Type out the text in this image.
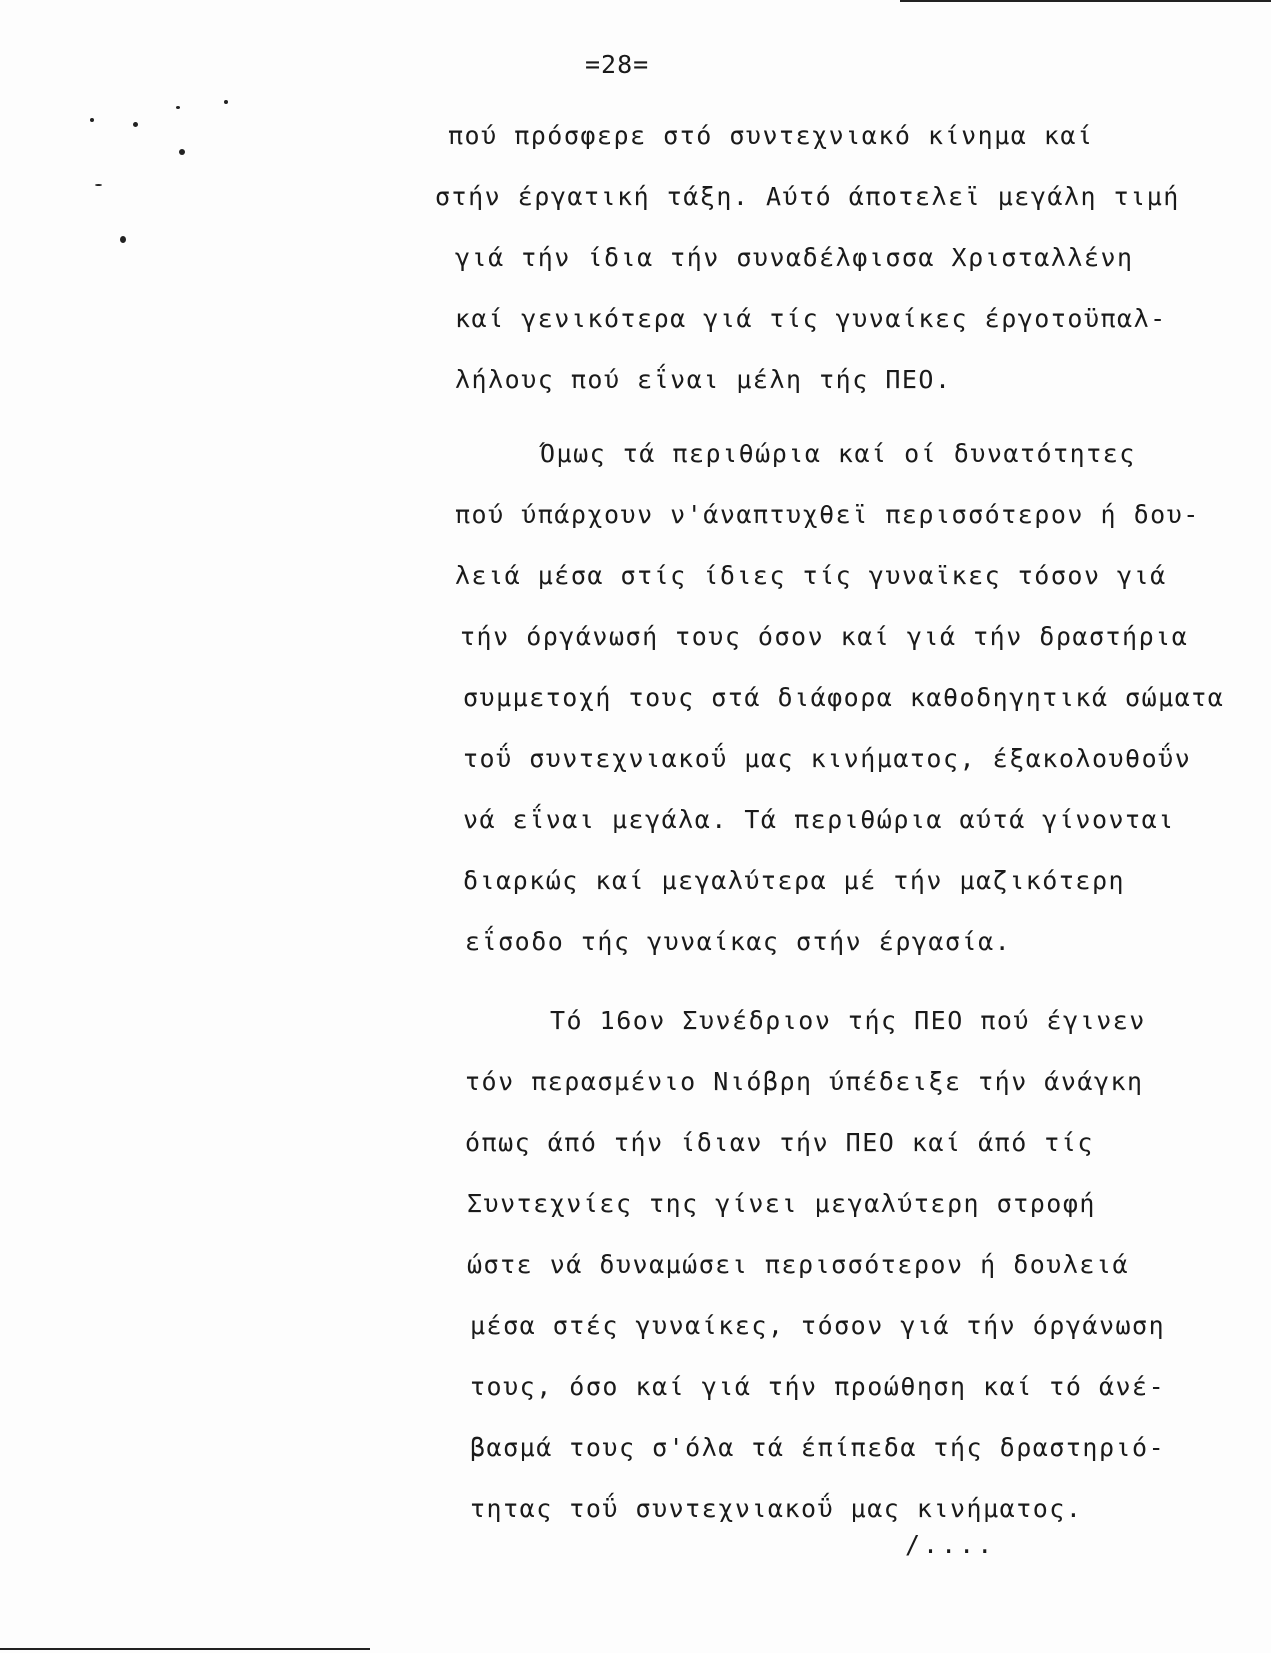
=28=
πού πρόσφερε στό συντεχνιακό κίνημα καί
στήν έργατική τάξη. Αύτό άποτελεϊ μεγάλη τιμή
γιά τήν ίδια τήν συναδέλφισσα Χρισταλλένη
καί γενικότερα γιά τίς γυναίκες έργοτοϋπαλ-
λήλους πού εΐναι μέλη τής ΠΕΟ.
Όμως τά περιθώρια καί οί δυνατότητες
πού ύπάρχουν ν'άναπτυχθεϊ περισσότερον ή δου-
λειά μέσα στίς ίδιες τίς γυναϊκες τόσον γιά
τήν όργάνωσή τους όσον καί γιά τήν δραστήρια
συμμετοχή τους στά διάφορα καθοδηγητικά σώματα
τοΰ συντεχνιακοΰ μας κινήματος, έξακολουθοΰν
νά εΐναι μεγάλα. Τά περιθώρια αύτά γίνονται
διαρκώς καί μεγαλύτερα μέ τήν μαζικότερη
εΐσοδο τής γυναίκας στήν έργασία.
Τό 16ον Συνέδριον τής ΠΕΟ πού έγινεν
τόν περασμένιο Νιόβρη ύπέδειξε τήν άνάγκη
όπως άπό τήν ίδιαν τήν ΠΕΟ καί άπό τίς
Συντεχνίες της γίνει μεγαλύτερη στροφή
ώστε νά δυναμώσει περισσότερον ή δουλειά
μέσα στές γυναίκες, τόσον γιά τήν όργάνωση
τους, όσο καί γιά τήν προώθηση καί τό άνέ-
βασμά τους σ'όλα τά έπίπεδα τής δραστηριό-
τητας τοΰ συντεχνιακοΰ μας κινήματος.
/....
